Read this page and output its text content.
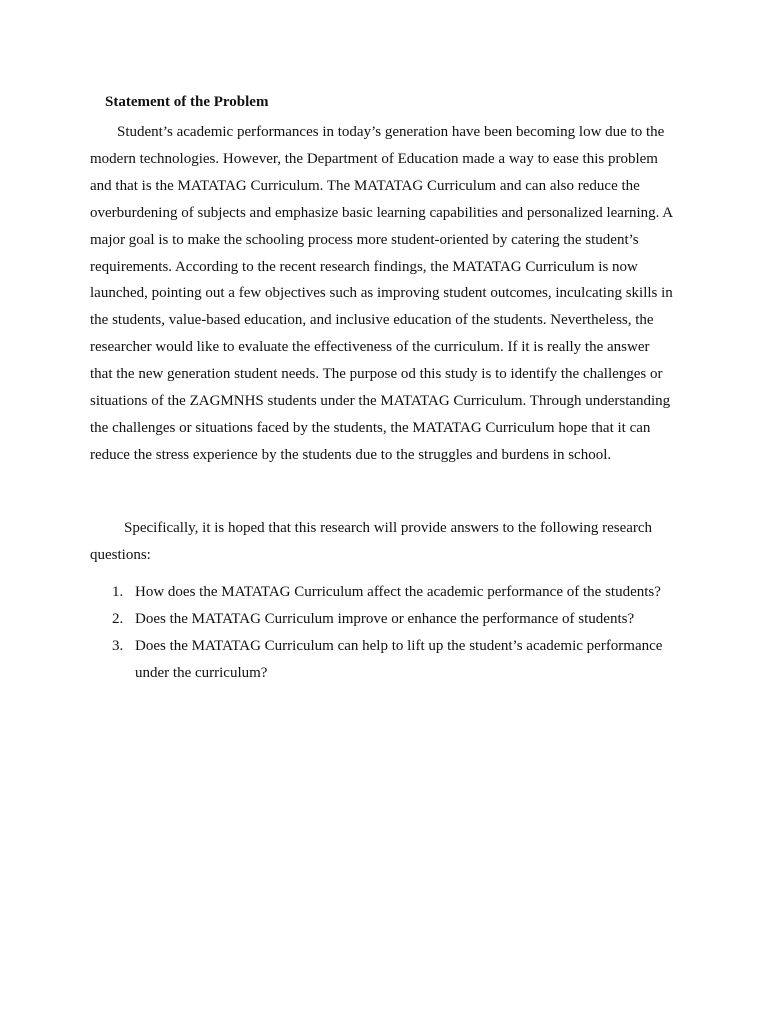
Statement of the Problem
Student’s academic performances in today’s generation have been becoming low due to the
modern technologies. However, the Department of Education made a way to ease this problem
and that is the MATATAG Curriculum. The MATATAG Curriculum and can also reduce the
overburdening of subjects and emphasize basic learning capabilities and personalized learning. A
major goal is to make the schooling process more student-oriented by catering the student’s
requirements. According to the recent research findings, the MATATAG Curriculum is now
launched, pointing out a few objectives such as improving student outcomes, inculcating skills in
the students, value-based education, and inclusive education of the students. Nevertheless, the
researcher would like to evaluate the effectiveness of the curriculum. If it is really the answer
that the new generation student needs. The purpose od this study is to identify the challenges or
situations of the ZAGMNHS students under the MATATAG Curriculum. Through understanding
the challenges or situations faced by the students, the MATATAG Curriculum hope that it can
reduce the stress experience by the students due to the struggles and burdens in school.
Specifically, it is hoped that this research will provide answers to the following research
questions:
1. How does the MATATAG Curriculum affect the academic performance of the students?
2. Does the MATATAG Curriculum improve or enhance the performance of students?
3. Does the MATATAG Curriculum can help to lift up the student’s academic performance
under the curriculum?
